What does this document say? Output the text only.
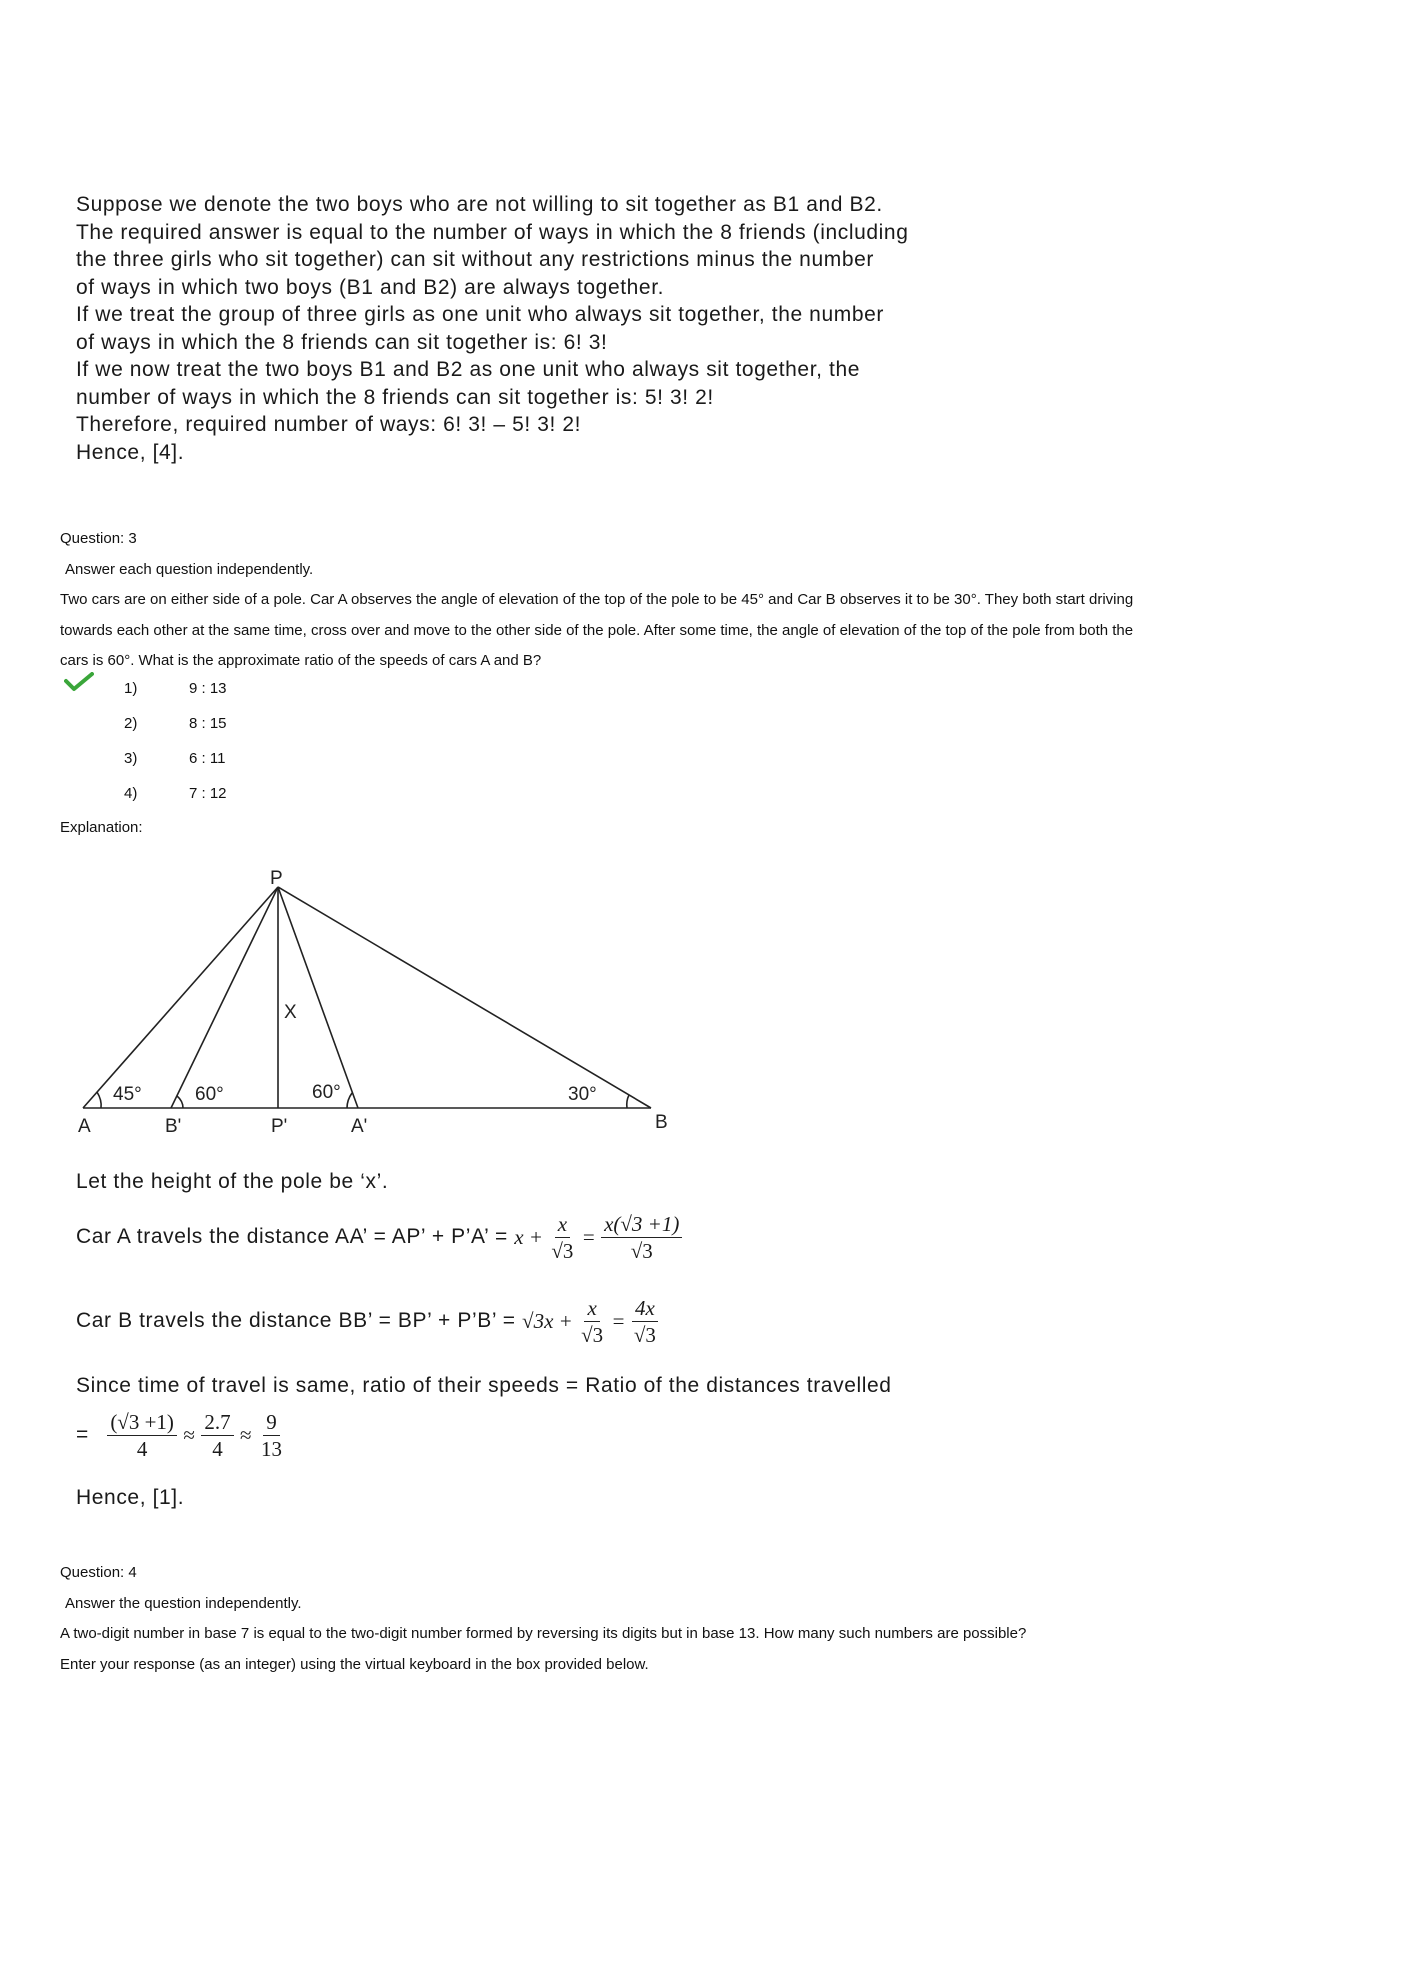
Suppose we denote the two boys who are not willing to sit together as B1 and B2.
The required answer is equal to the number of ways in which the 8 friends (including
the three girls who sit together) can sit without any restrictions minus the number
of ways in which two boys (B1 and B2) are always together.
If we treat the group of three girls as one unit who always sit together, the number
of ways in which the 8 friends can sit together is: 6! 3!
If we now treat the two boys B1 and B2 as one unit who always sit together, the
number of ways in which the 8 friends can sit together is: 5! 3! 2!
Therefore, required number of ways: 6! 3! – 5! 3! 2!
Hence, [4].
Question: 3
Answer each question independently.
Two cars are on either side of a pole. Car A observes the angle of elevation of the top of the pole to be 45° and Car B observes it to be 30°. They both start driving
towards each other at the same time, cross over and move to the other side of the pole. After some time, the angle of elevation of the top of the pole from both the
cars is 60°. What is the approximate ratio of the speeds of cars A and B?
1)	9 : 13
2)	8 : 15
3)	6 : 11
4)	7 : 12
Explanation:
P
X
45°	60°	60°	30°
A	B'	P'	A'	B
Let the height of the pole be ‘x’.
Car A travels the distance AA’ = AP’ + P’A’ = $x + \frac{x}{√3} = \frac{x(√3 +1)}{√3}$
Car B travels the distance BB’ = BP’ + P’B’ = $√3x + \frac{x}{√3} = \frac{4x}{√3}$
Since time of travel is same, ratio of their speeds = Ratio of the distances travelled
= $\frac{(√3 +1)}{4} \approx \frac{2.7}{4} \approx \frac{9}{13}$
Hence, [1].
Question: 4
Answer the question independently.
A two-digit number in base 7 is equal to the two-digit number formed by reversing its digits but in base 13. How many such numbers are possible?
Enter your response (as an integer) using the virtual keyboard in the box provided below.
